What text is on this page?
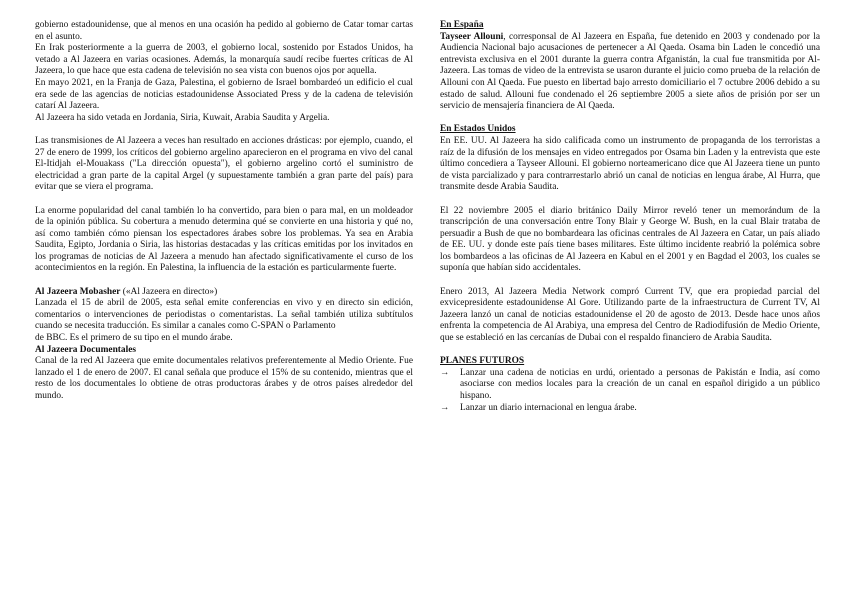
gobierno estadounidense, que al menos en una ocasión ha pedido al gobierno de Catar tomar cartas en el asunto.

En Irak posteriormente a la guerra de 2003, el gobierno local, sostenido por Estados Unidos, ha vetado a Al Jazeera en varias ocasiones. Además, la monarquía saudí recibe fuertes críticas de Al Jazeera, lo que hace que esta cadena de televisión no sea vista con buenos ojos por aquella.

En mayo 2021, en la Franja de Gaza, Palestina, el gobierno de Israel bombardeó un edificio el cual era sede de las agencias de noticias estadounidense Associated Press y de la cadena de televisión catarí Al Jazeera.

Al Jazeera ha sido vetada en Jordania, Siria, Kuwait, Arabia Saudita y Argelia.

Las transmisiones de Al Jazeera a veces han resultado en acciones drásticas: por ejemplo, cuando, el 27 de enero de 1999, los críticos del gobierno argelino aparecieron en el programa en vivo del canal El-Itidjah el-Mouakass ("La dirección opuesta"), el gobierno argelino cortó el suministro de electricidad a gran parte de la capital Argel (y supuestamente también a gran parte del país) para evitar que se viera el programa.

La enorme popularidad del canal también lo ha convertido, para bien o para mal, en un moldeador de la opinión pública. Su cobertura a menudo determina qué se convierte en una historia y qué no, así como también cómo piensan los espectadores árabes sobre los problemas. Ya sea en Arabia Saudita, Egipto, Jordania o Siria, las historias destacadas y las críticas emitidas por los invitados en los programas de noticias de Al Jazeera a menudo han afectado significativamente el curso de los acontecimientos en la región. En Palestina, la influencia de la estación es particularmente fuerte.

Al Jazeera Mobasher («Al Jazeera en directo»)

Lanzada el 15 de abril de 2005, esta señal emite conferencias en vivo y en directo sin edición, comentarios o intervenciones de periodistas o comentaristas. La señal también utiliza subtítulos cuando se necesita traducción. Es similar a canales como C-SPAN o Parlamento

de BBC. Es el primero de su tipo en el mundo árabe.

Al Jazeera Documentales

Canal de la red Al Jazeera que emite documentales relativos preferentemente al Medio Oriente. Fue lanzado el 1 de enero de 2007. El canal señala que produce el 15% de su contenido, mientras que el resto de los documentales lo obtiene de otras productoras árabes y de otros países alrededor del mundo.

En España

Tayseer Allouni, corresponsal de Al Jazeera en España, fue detenido en 2003 y condenado por la Audiencia Nacional bajo acusaciones de pertenecer a Al Qaeda. Osama bin Laden le concedió una entrevista exclusiva en el 2001 durante la guerra contra Afganistán, la cual fue transmitida por Al-Jazeera. Las tomas de video de la entrevista se usaron durante el juicio como prueba de la relación de Allouni con Al Qaeda. Fue puesto en libertad bajo arresto domiciliario el 7 octubre 2006 debido a su estado de salud. Allouni fue condenado el 26 septiembre 2005 a siete años de prisión por ser un servicio de mensajería financiera de Al Qaeda.

En Estados Unidos

En EE. UU. Al Jazeera ha sido calificada como un instrumento de propaganda de los terroristas a raíz de la difusión de los mensajes en video entregados por Osama bin Laden y la entrevista que este último concediera a Tayseer Allouni. El gobierno norteamericano dice que Al Jazeera tiene un punto de vista parcializado y para contrarrestarlo abrió un canal de noticias en lengua árabe, Al Hurra, que transmite desde Arabia Saudita.

El 22 noviembre 2005 el diario británico Daily Mirror reveló tener un memorándum de la transcripción de una conversación entre Tony Blair y George W. Bush, en la cual Blair trataba de persuadir a Bush de que no bombardeara las oficinas centrales de Al Jazeera en Catar, un país aliado de EE. UU. y donde este país tiene bases militares. Este último incidente reabrió la polémica sobre los bombardeos a las oficinas de Al Jazeera en Kabul en el 2001 y en Bagdad el 2003, los cuales se suponía que habían sido accidentales.

Enero 2013, Al Jazeera Media Network compró Current TV, que era propiedad parcial del exvicepresidente estadounidense Al Gore. Utilizando parte de la infraestructura de Current TV, Al Jazeera lanzó un canal de noticias estadounidense el 20 de agosto de 2013. Desde hace unos años enfrenta la competencia de Al Arabiya, una empresa del Centro de Radiodifusión de Medio Oriente, que se estableció en las cercanías de Dubai con el respaldo financiero de Arabia Saudita.

PLANES FUTUROS

→ Lanzar una cadena de noticias en urdú, orientado a personas de Pakistán e India, así como asociarse con medios locales para la creación de un canal en español dirigido a un público hispano.
→ Lanzar un diario internacional en lengua árabe.
